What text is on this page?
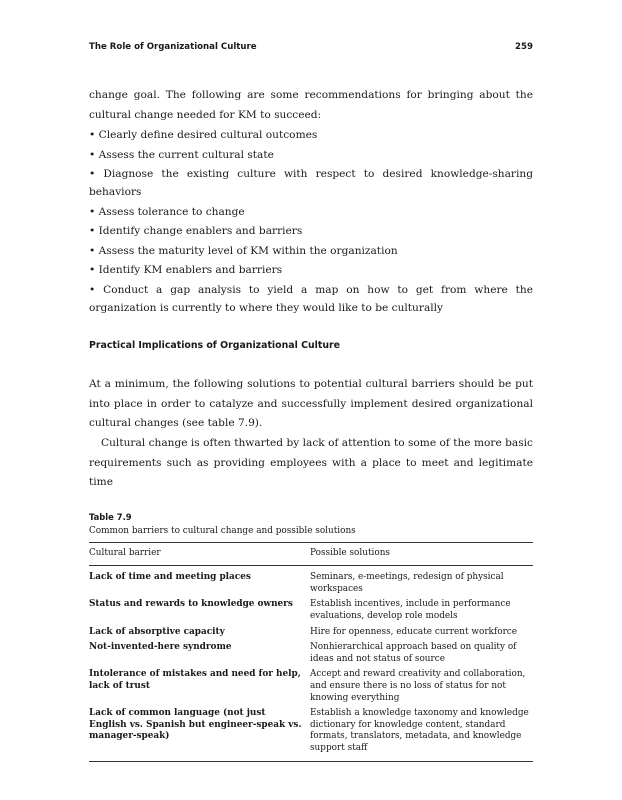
The Role of Organizational Culture	259

change goal. The following are some recommendations for bringing about the cultural change needed for KM to succeed:

• Clearly define desired cultural outcomes
• Assess the current cultural state
• Diagnose the existing culture with respect to desired knowledge-sharing behaviors
• Assess tolerance to change
• Identify change enablers and barriers
• Assess the maturity level of KM within the organization
• Identify KM enablers and barriers
• Conduct a gap analysis to yield a map on how to get from where the organization is currently to where they would like to be culturally
Practical Implications of Organizational Culture

At a minimum, the following solutions to potential cultural barriers should be put into place in order to catalyze and successfully implement desired organizational cultural changes (see table 7.9).

Cultural change is often thwarted by lack of attention to some of the more basic requirements such as providing employees with a place to meet and legitimate time

Table 7.9
Common barriers to cultural change and possible solutions
Cultural barrier	Possible solutions
Lack of time and meeting places	Seminars, e-meetings, redesign of physical workspaces
Status and rewards to knowledge owners	Establish incentives, include in performance evaluations, develop role models
Lack of absorptive capacity	Hire for openness, educate current workforce
Not-invented-here syndrome	Nonhierarchical approach based on quality of ideas and not status of source
Intolerance of mistakes and need for help, lack of trust	Accept and reward creativity and collaboration, and ensure there is no loss of status for not knowing everything
Lack of common language (not just English vs. Spanish but engineer-speak vs. manager-speak)	Establish a knowledge taxonomy and knowledge dictionary for knowledge content, standard formats, translators, metadata, and knowledge support staff
